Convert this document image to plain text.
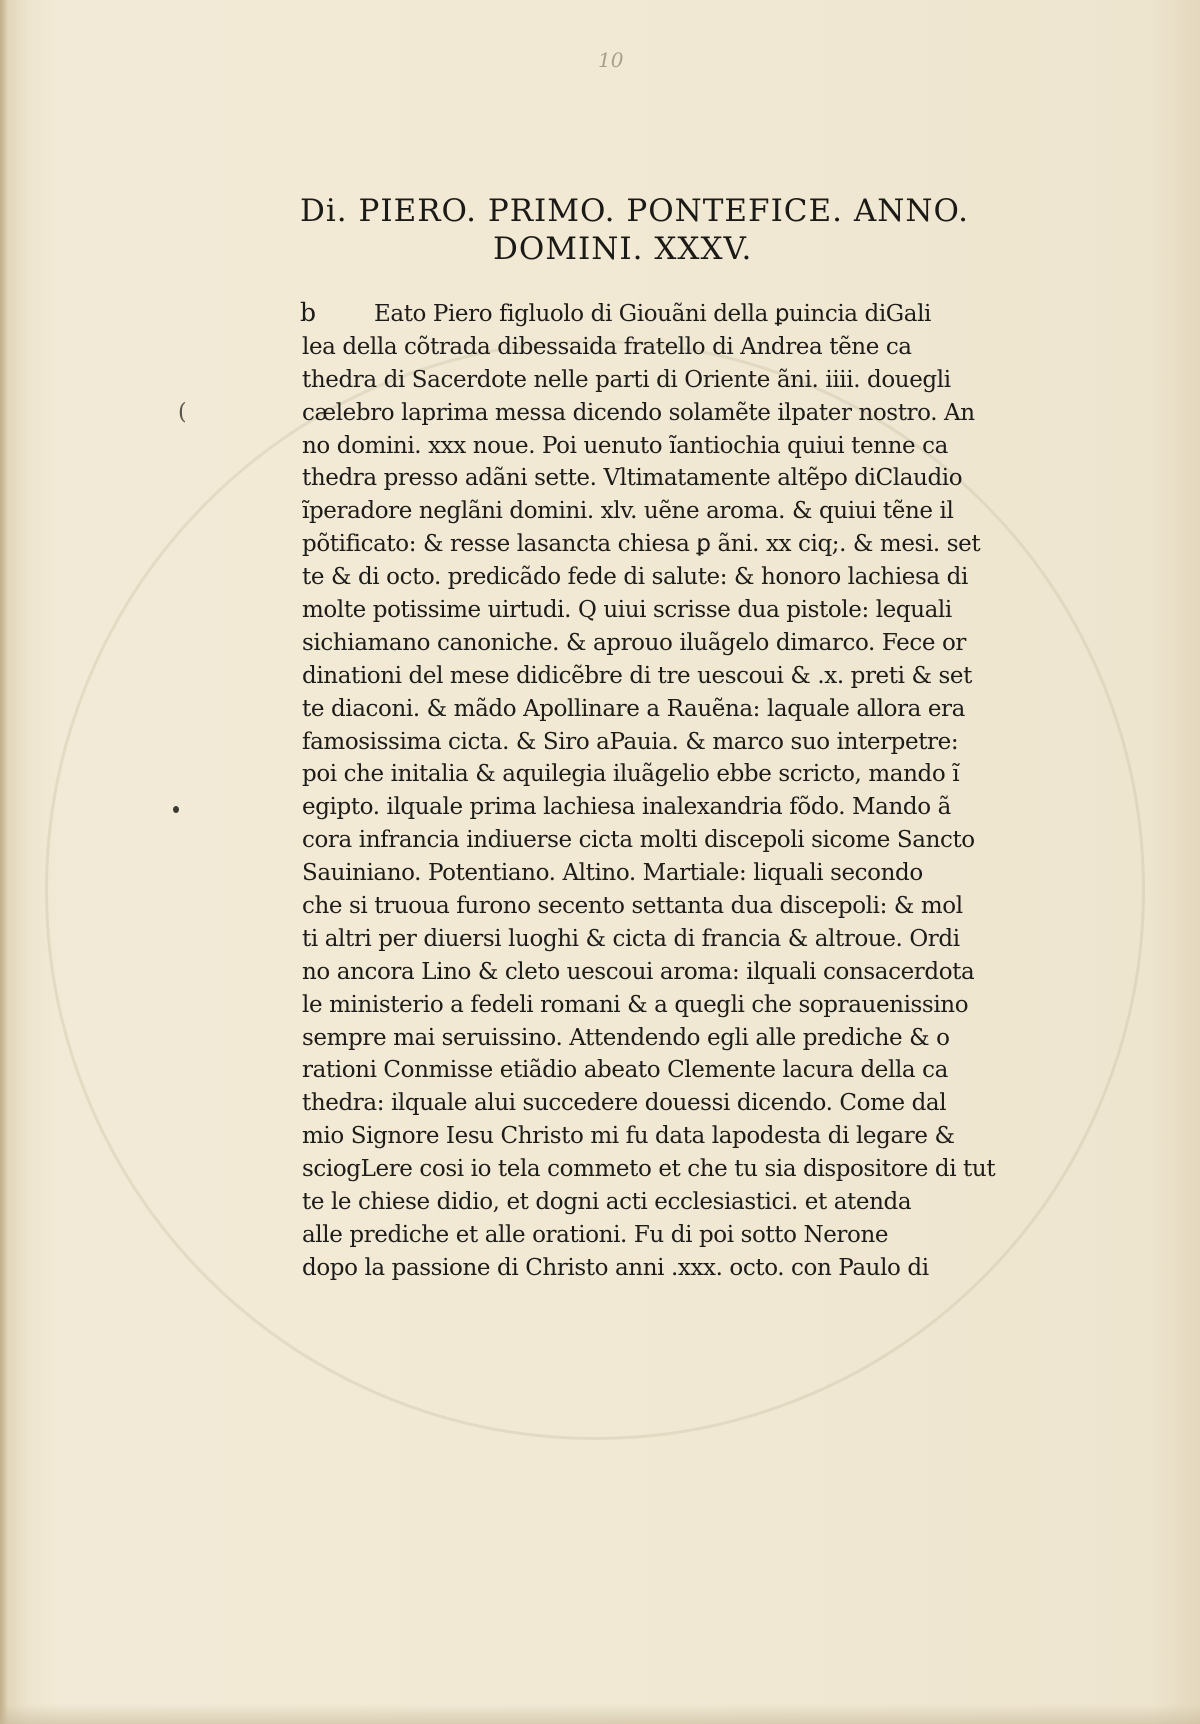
10
Di. PIERO. PRIMO. PONTEFICE. ANNO.
DOMINI. XXXV.
b	Eato Piero figluolo di Giouãni della ꝑuincia diGali
lea della cõtrada dibessaida fratello di Andrea tẽne ca
thedra di Sacerdote nelle parti di Oriente ãni. iiii. douegli
cælebro laprima messa dicendo solamẽte ilpater nostro. An
no domini. xxx noue. Poi uenuto ĩantiochia quiui tenne ca
thedra presso adãni sette. Vltimatamente altẽpo diClaudio
ĩperadore neglãni domini. xlv. uẽne aroma. & quiui tẽne il
põtificato: & resse lasancta chiesa ꝑ ãni. xx ciq;. & mesi. set
te & di octo. predicãdo fede di salute: & honoro lachiesa di
molte potissime uirtudi. Q uiui scrisse dua pistole: lequali
sichiamano canoniche. & aprouo iluãgelo dimarco. Fece or
dinationi del mese didicẽbre di tre uescoui & .x. preti & set
te diaconi. & mãdo Apollinare a Rauẽna: laquale allora era
famosissima cicta. & Siro aPauia. & marco suo interpetre:
poi che initalia & aquilegia iluãgelio ebbe scricto, mando ĩ
egipto. ilquale prima lachiesa inalexandria fõdo. Mando ã
cora infrancia indiuerse cicta molti discepoli sicome Sancto
Sauiniano. Potentiano. Altino. Martiale: liquali secondo
che si truoua furono secento settanta dua discepoli: & mol
ti altri per diuersi luoghi & cicta di francia & altroue. Ordi
no ancora Lino & cleto uescoui aroma: ilquali consacerdota
le ministerio a fedeli romani & a quegli che soprauenissino
sempre mai seruissino. Attendendo egli alle prediche & o
rationi Conmisse etiãdio abeato Clemente lacura della ca
thedra: ilquale alui succedere douessi dicendo. Come dal
mio Signore Iesu Christo mi fu data lapodesta di legare &
sciogLere cosi io tela commeto et che tu sia dispositore di tut
te le chiese didio, et dogni acti ecclesiastici. et atenda
alle prediche et alle orationi. Fu di poi sotto Nerone
dopo la passione di Christo anni .xxx. octo. con Paulo di
(
